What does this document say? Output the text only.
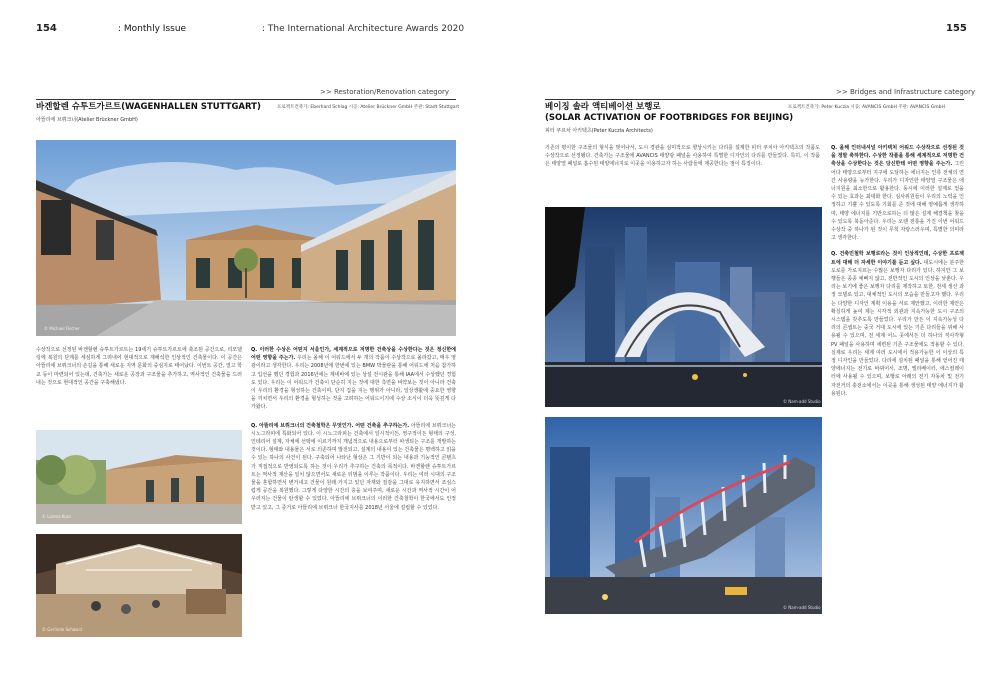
154	: Monthly Issue	: The International Architecture Awards 2020	155
>> Restoration/Renovation category
바겐할렌 슈투트가르트(WAGENHALLEN STUTTGART)
아뜰리에 브뤼크너(Atelier Brückner GmbH)
프로젝트건축가: Eberhard Schlag 시공: Atelier Brückner GmbH 주관: Stadt Stuttgart
© Michael Fischer
수상작으로 선정된 바겐할렌 슈투트가르트는 19세기 슈투트가르트에 축조된 공간으로, 리모델링에 복원의 단계를 세심하게 그려내어 현대적으로 재해석한 인상적인 건축물이다. 이 공간은 아뜰리에 브뤼크너의 손길을 통해 새로운 지역 문화의 중심지로 태어났다. 이번트 공간, 열고 학교 등이 마련되어 있는데, 건축가는 새로운 공장과 구조물을 추가하고, 역사적인 건축물을 드러내는 것으로 현대적인 공간을 구축해냈다.
© Lorenz Kuss
© Gerlinde Schwarz
Q. 이러한 수상은 어떤지 서울인가, 세계적으로 저명한 건축상을 수상한다는 것은 정신한에 어떤 영향을 주는가. 우리는 올해 이 어워드에서 두 개의 작품이 수상작으로 올라갔고, 매우 영광이라고 생각한다. 우리는 2008년에 한번에 있는 BMW 박물관을 통해 어워드에 처음 참가하고 입선을 했던 경험과 2016년에는 제네바에 있는 상설 전시관을 통해 IAA에서 수상했던 경험도 있다. 우리는 이 어워드가 건축이 단순히 지는 것에 대한 측면을 비약보는 것이 아니라 건축이 우리의 환경을 형성하는 건축이며, 단지 집을 지는 행위가 아니라, 일상생활에 중요한 영향을 끼치면서 우리의 환경을 형성하는 것을 고려하는 어워드이기에 수상 소식이 더욱 뜻깊게 다가왔다.
Q. 아뜰리에 브뤼크너의 건축철학은 무엇인가. 어떤 건축을 추구하는가. 아뜰리에 브뤼크너는 시노그라피에 특화되어 있다. 이 시노그라피는 건축에서 일시적이든, 영구적이든 형태의 구성, 인테리어 설계, 자체에 선택에 이르기까지 개념적으로 내용으로부터 파생되는 구조를 개발하는 것이다. 형태와 내용물은 서로 의존하며 발전되고, 설계의 내용이 있는 건축물은 명백하고 읽을 수 있는 하나의 사건이 된다. 구축되어 나타난 형상은 그 기반이 되는 내용과 기능적인 콘텐츠가 직접적으로 반영되도록 하는 것이 우리가 추구하는 건축의 목적이다. 바겐할렌 슈투트가르트는 역사적 재산을 일치 않으면서도 새로운 뒤범을 이루는 작품이다. 우리는 여러 시대의 구조물을 혼합하면서 변거내고 건물이 원래 가지고 있던 자재와 질감을 그대로 유지하면서 조심스럽게 공간을 복원했다. 그렇게 다양한 시간의 층을 보여주며, 새로운 시간과 역사적 시간이 어우러지는 건물이 탄생할 수 있었다. 아뜰리에 브뤼크너의 이러한 건축철학이 한국에서도 인정받고 있고, 그 증거로 아뜰리에 브뤼크너 한국지사를 2018년 서울에 설립할 수 있었다.
>> Bridges and Infrastructure category
베이징 솔라 액티베이션 보행로
(SOLAR ACTIVATION OF FOOTBRIDGES FOR BEIJING)
피터 쿠르차 아키텍츠(Peter Kuczia Architects)
프로젝트건축가: Peter Kuczia 시공: AVANCIS GmbH 주관: AVANCIS GmbH
기존의 평이한 구조물의 형식을 벗어나서, 도시 경관을 심미적으로 향상시키는 다리를 설계한 피터 쿠치아 아키텍츠의 작품도 수상작으로 선정됐다. 건축가는 구조물에 AVANCIS 태양광 패널을 사용하여 특별한 디자인의 다리를 만들었다. 특히, 이 작품은 태양열 패널로 흡수된 태양에너지로 이곳을 이용하고자 하는 사람들에 제공한다는 점이 특징이다.
© Nam-add Studio
© Nam-add Studio
Q. 올해 인터내셔널 아키텍처 어워드 수상작으로 선정된 것을 정말 축하한다. 수상한 작품을 통해 세계적으로 저명한 건축상을 수상한다는 것은 당신한테 어떤 영향을 주는가. 그린어다 태양으로부터 지구에 도달하는 에너지는 인류 전체의 연간 사용량을 능가한다. 우리가 디자인한 태양열 구조물은 에너지원을 최소한으로 활용한다. 동시에 이러한 설계로 얻을 수 있는 효과는 최대화 한다. 심사위원들이 우리의 노력을 인정하고 기쁠 수 있도록 기회를 준 것에 대해 영예롭게 생각하며, 태양 에너지를 기반으로하는 더 많은 설계 해결책을 찾을 수 있도록 북돋아준다. 우리는 오랜 전통을 가진 이번 어워드 수상작 중 하나가 된 것이 무척 자랑스러우며, 특별한 의미라고 생각한다.
Q. 건축민철학 보행로라는 것이 인상적인데, 수상한 프로젝트에 대해 더 자세한 이야기를 듣고 싶다. 대도시에는 분주한 도로를 가로지르는 수많은 보행자 다리가 있다. 하지만 그 보행들은 종종 예뻐지 않고, 전반적인 도시의 인상을 낮춘다. 우리는 보기에 좋은 보행자 다리를 제작하고 또한, 전세 생산 과정 모델로 있고, 대체적인 도시의 모습을 만들고자 했다. 우리는 다양한 디자인 계획 이용을 서로 제안했고, 이러한 제안은 확실하게 높여 제는 시각적 외관과 지속가능한 도시 구조의 시스템을 갖추도록 만들었다. 우리가 만든 이 지속가능성 다리의 콘셉트는 중국 거대 도시에 있는 기존 다리들을 위해 사용될 수 있으며, 전 세계 어느 곳에서든 더 하나의 직사각형 PV 패널을 사용하며 세련된 기존 구조물에도 적용할 수 있다. 실제로 우리는 세계 여러 도시에서 적용가능한 이 이상의 특정 디자인을 만들었다. 다리에 설치된 패널을 통해 얻어진 태양에너지는 전기로 바뀌어서, 조명, 엘리베이터, 에스컬레이터에 사용될 수 있으며, 보행로 아래의 전기 자동차 및 전기 자전거의 충전소에서는 이곳을 통해 생성된 태양 에너지가 활용된다.
